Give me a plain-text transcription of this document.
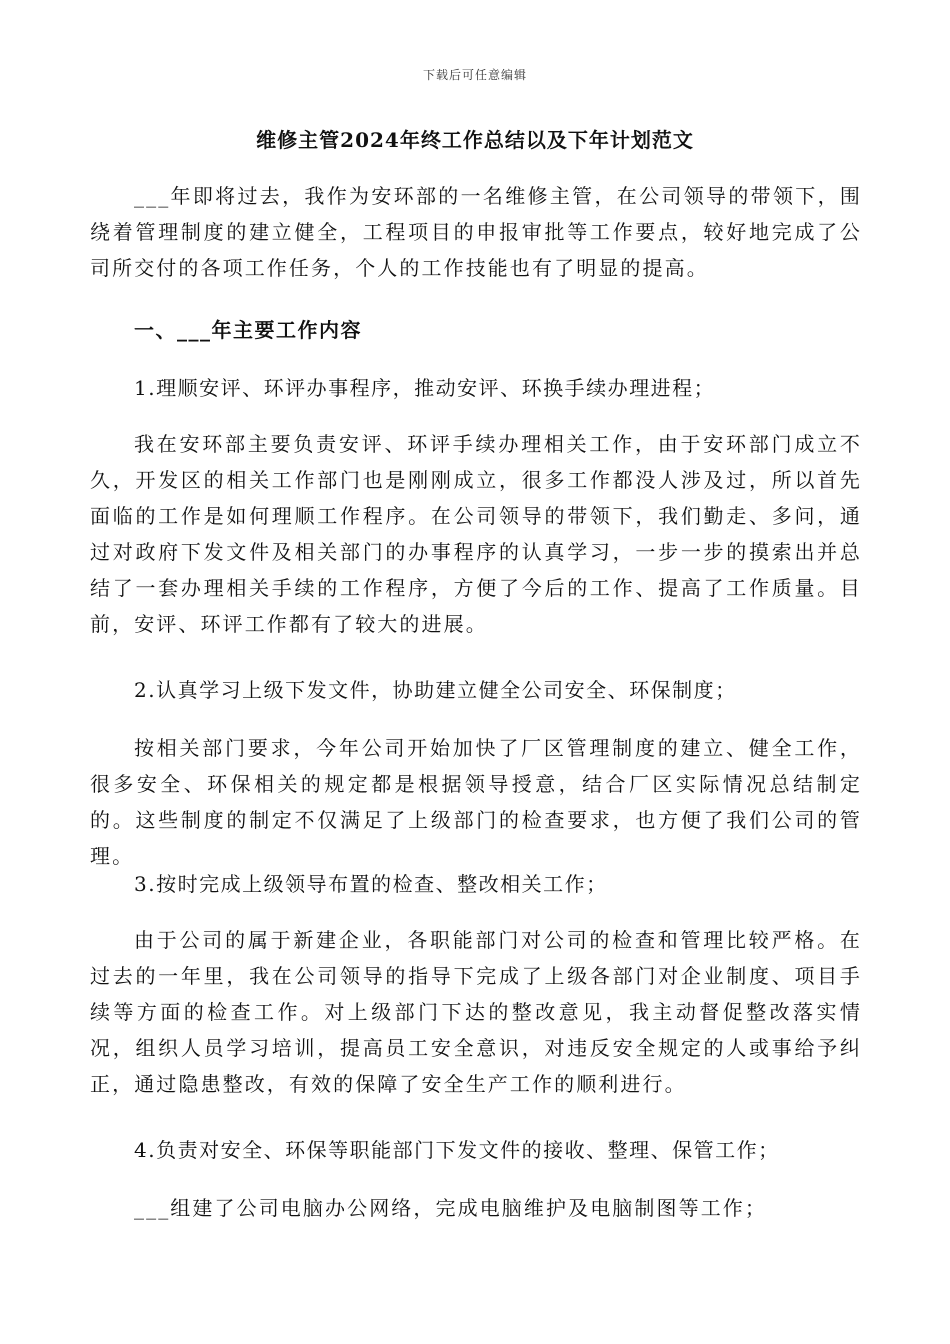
下载后可任意编辑
维修主管2024年终工作总结以及下年计划范文

___年即将过去，我作为安环部的一名维修主管，在公司领导的带领下，围绕着管理制度的建立健全，工程项目的申报审批等工作要点，较好地完成了公司所交付的各项工作任务，个人的工作技能也有了明显的提高。

一、___年主要工作内容
1.理顺安评、环评办事程序，推动安评、环换手续办理进程；

我在安环部主要负责安评、环评手续办理相关工作，由于安环部门成立不久，开发区的相关工作部门也是刚刚成立，很多工作都没人涉及过，所以首先面临的工作是如何理顺工作程序。在公司领导的带领下，我们勤走、多问，通过对政府下发文件及相关部门的办事程序的认真学习，一步一步的摸索出并总结了一套办理相关手续的工作程序，方便了今后的工作、提高了工作质量。目前，安评、环评工作都有了较大的进展。

2.认真学习上级下发文件，协助建立健全公司安全、环保制度；

按相关部门要求，今年公司开始加快了厂区管理制度的建立、健全工作，很多安全、环保相关的规定都是根据领导授意，结合厂区实际情况总结制定的。这些制度的制定不仅满足了上级部门的检查要求，也方便了我们公司的管理。

3.按时完成上级领导布置的检查、整改相关工作；

由于公司的属于新建企业，各职能部门对公司的检查和管理比较严格。在过去的一年里，我在公司领导的指导下完成了上级各部门对企业制度、项目手续等方面的检查工作。对上级部门下达的整改意见，我主动督促整改落实情况，组织人员学习培训，提高员工安全意识，对违反安全规定的人或事给予纠正，通过隐患整改，有效的保障了安全生产工作的顺利进行。

4.负责对安全、环保等职能部门下发文件的接收、整理、保管工作；

___组建了公司电脑办公网络，完成电脑维护及电脑制图等工作；
